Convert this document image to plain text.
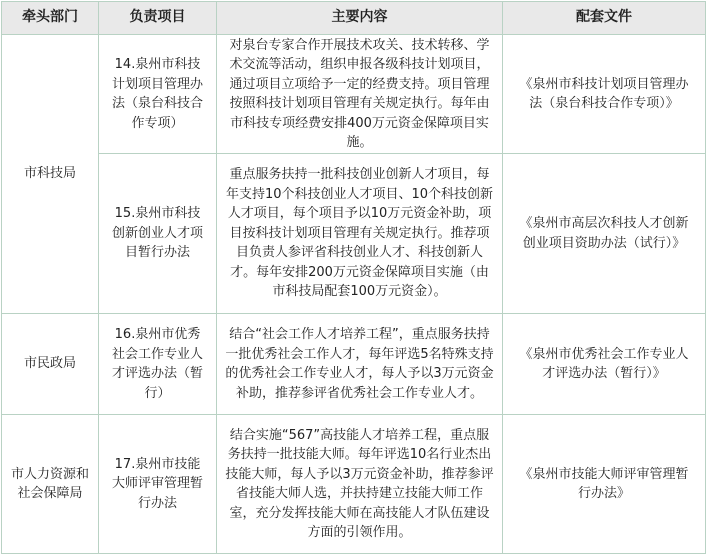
牵头部门	负责项目	主要内容	配套文件
市科技局	14.泉州市科技计划项目管理办法（泉台科技合作专项）	对泉台专家合作开展技术攻关、技术转移、学术交流等活动，组织申报各级科技计划项目，通过项目立项给予一定的经费支持。项目管理按照科技计划项目管理有关规定执行。每年由市科技专项经费安排400万元资金保障项目实施。	《泉州市科技计划项目管理办法（泉台科技合作专项）》
	15.泉州市科技创新创业人才项目暂行办法	重点服务扶持一批科技创业创新人才项目，每年支持10个科技创业人才项目、10个科技创新人才项目，每个项目予以10万元资金补助，项目按科技计划项目管理有关规定执行。推荐项目负责人参评省科技创业人才、科技创新人才。每年安排200万元资金保障项目实施（由市科技局配套100万元资金）。	《泉州市高层次科技人才创新创业项目资助办法（试行）》
市民政局	16.泉州市优秀社会工作专业人才评选办法（暂行）	结合“社会工作人才培养工程”，重点服务扶持一批优秀社会工作人才，每年评选5名特殊支持的优秀社会工作专业人才，每人予以3万元资金补助，推荐参评省优秀社会工作专业人才。	《泉州市优秀社会工作专业人才评选办法（暂行）》
市人力资源和社会保障局	17.泉州市技能大师评审管理暂行办法	结合实施“567”高技能人才培养工程，重点服务扶持一批技能大师。每年评选10名行业杰出技能大师，每人予以3万元资金补助，推荐参评省技能大师人选，并扶持建立技能大师工作室，充分发挥技能大师在高技能人才队伍建设方面的引领作用。	《泉州市技能大师评审管理暂行办法》
